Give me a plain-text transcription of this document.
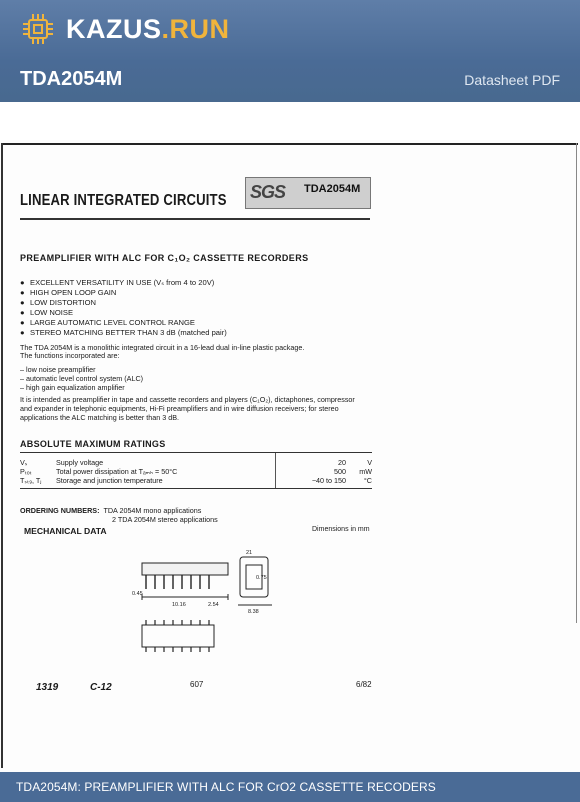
KAZUS.RUN
TDA2054M	Datasheet PDF
LINEAR INTEGRATED CIRCUITS SGS TDA2054M
PREAMPLIFIER WITH ALC FOR C₁O₂ CASSETTE RECORDERS
● EXCELLENT VERSATILITY IN USE (Vₛ from 4 to 20V)
● HIGH OPEN LOOP GAIN
● LOW DISTORTION
● LOW NOISE
● LARGE AUTOMATIC LEVEL CONTROL RANGE
● STEREO MATCHING BETTER THAN 3 dB (matched pair)
The TDA 2054M is a monolithic integrated circuit in a 16-lead dual in-line plastic package.
The functions incorporated are:
– low noise preamplifier
– automatic level control system (ALC)
– high gain equalization amplifier
It is intended as preamplifier in tape and cassette recorders and players (C₁O₂), dictaphones, compressor
and expander in telephonic equipments, Hi-Fi preamplifiers and in wire diffusion receivers; for stereo
applications the ALC matching is better than 3 dB.
ABSOLUTE MAXIMUM RATINGS
Vₛ	Supply voltage	20	V
Pₜₒₜ	Total power dissipation at Tₐₘₕ = 50°C	500	mW
Tₛₜ₉, Tⱼ Storage and junction temperature	−40 to 150	°C
ORDERING NUMBERS: TDA 2054M mono applications
2 TDA 2054M stereo applications
MECHANICAL DATA	Dimensions in mm
21
0.45
10.16	2.54
0.75
8.38
1319	C-12	607	6/82
TDA2054M: PREAMPLIFIER WITH ALC FOR CrO2 CASSETTE RECODERS
